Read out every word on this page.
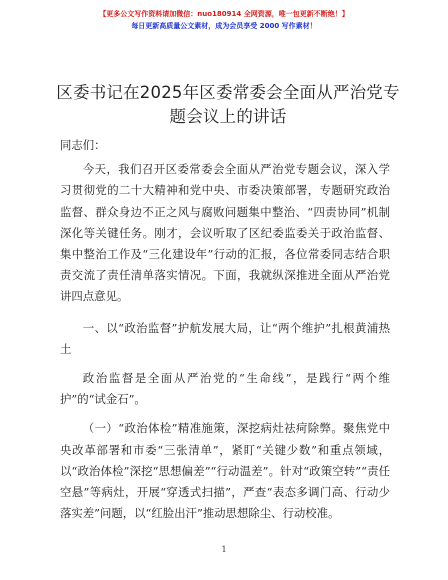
【更多公文写作资料请加微信：nuo180914 全网资源，唯一包更新不断绝！】
每日更新高质量公文素材，成为会员享受 2000 写作素材！
区委书记在2025年区委常委会全面从严治党专题会议上的讲话

同志们：

今天，我们召开区委常委会全面从严治党专题会议，深入学习贯彻党的二十大精神和党中央、市委决策部署，专题研究政治监督、群众身边不正之风与腐败问题集中整治、“四责协同”机制深化等关键任务。刚才，会议听取了区纪委监委关于政治监督、集中整治工作及“三化建设年”行动的汇报，各位常委同志结合职责交流了责任清单落实情况。下面，我就纵深推进全面从严治党讲四点意见。

一、以“政治监督”护航发展大局，让“两个维护”扎根黄浦热土

政治监督是全面从严治党的“生命线”，是践行“两个维护”的“试金石”。

（一）“政治体检”精准施策，深挖病灶祛疴除弊。聚焦党中央改革部署和市委“三张清单”，紧盯“关键少数”和重点领域，以“政治体检”深挖“思想偏差”“行动温差”。针对“政策空转”“责任空悬”等病灶，开展“穿透式扫描”，严查“表态多调门高、行动少落实差”问题，以“红脸出汗”推动思想除尘、行动校准。

1
